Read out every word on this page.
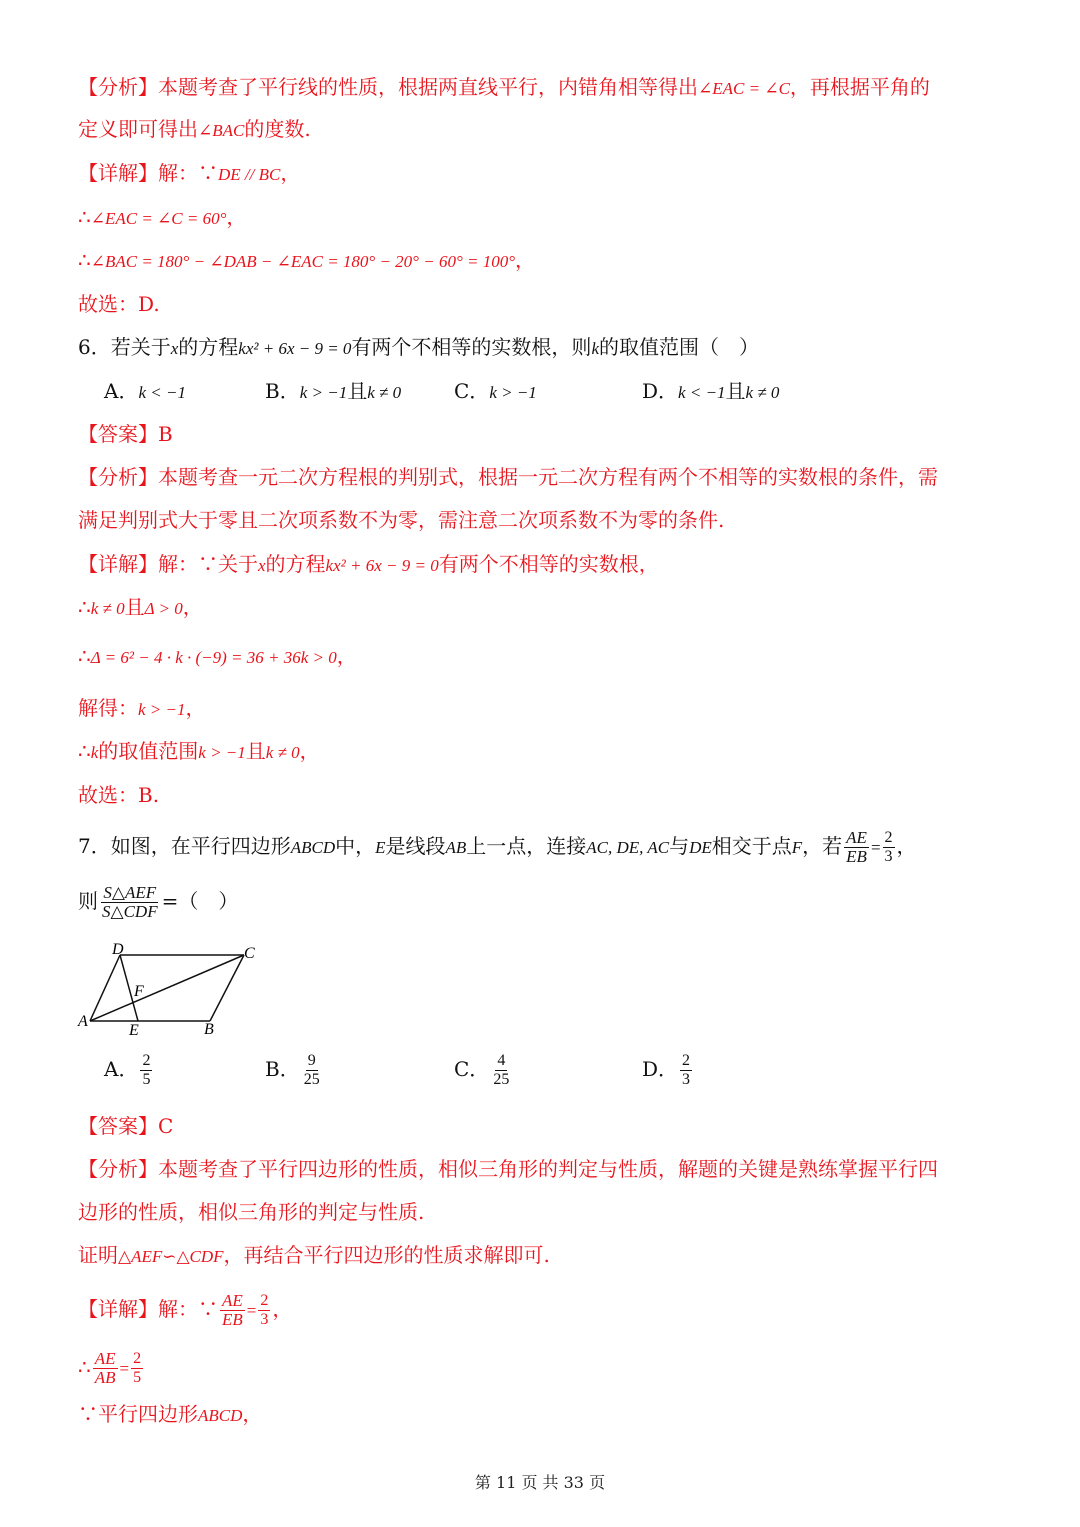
【分析】本题考查了平行线的性质，根据两直线平行，内错角相等得出∠EAC = ∠C，再根据平角的
定义即可得出∠BAC的度数.
【详解】解：∵DE // BC，
∴∠EAC = ∠C = 60°，
∴∠BAC = 180° − ∠DAB − ∠EAC = 180° − 20° − 60° = 100°，
故选：D.
6．若关于x的方程kx² + 6x − 9 = 0有两个不相等的实数根，则k的取值范围（　）
A．k < −1	B．k > −1且k ≠ 0	C．k > −1	D．k < −1且k ≠ 0
【答案】B
【分析】本题考查一元二次方程根的判别式，根据一元二次方程有两个不相等的实数根的条件，需
满足判别式大于零且二次项系数不为零，需注意二次项系数不为零的条件.
【详解】解：∵关于x的方程kx² + 6x − 9 = 0有两个不相等的实数根，
∴k ≠ 0且Δ > 0，
∴Δ = 6² − 4 · k · (−9) = 36 + 36k > 0，
解得：k > −1，
∴k的取值范围k > −1且k ≠ 0，
故选：B.
7．如图，在平行四边形ABCD中，E是线段AB上一点，连接AC, DE, AC与DE相交于点F，若 $\frac{AE}{EB} = \frac{2}{3}$ ，
则 $\frac{\text{S△AEF}}{\text{S△CDF}}$ =（　）
D	C
A
E	B
F
A． $\frac{2}{5}$	B． $\frac{9}{25}$	C． $\frac{4}{25}$	D． $\frac{2}{3}$
【答案】C
【分析】本题考查了平行四边形的性质，相似三角形的判定与性质，解题的关键是熟练掌握平行四
边形的性质，相似三角形的判定与性质.
证明△AEF∽△CDF，再结合平行四边形的性质求解即可.
【详解】解：∵ $\frac{AE}{EB} = \frac{2}{3}$ ，
∴ $\frac{AE}{AB} = \frac{2}{5}$
∵平行四边形ABCD，
第 11 页 共 33 页
